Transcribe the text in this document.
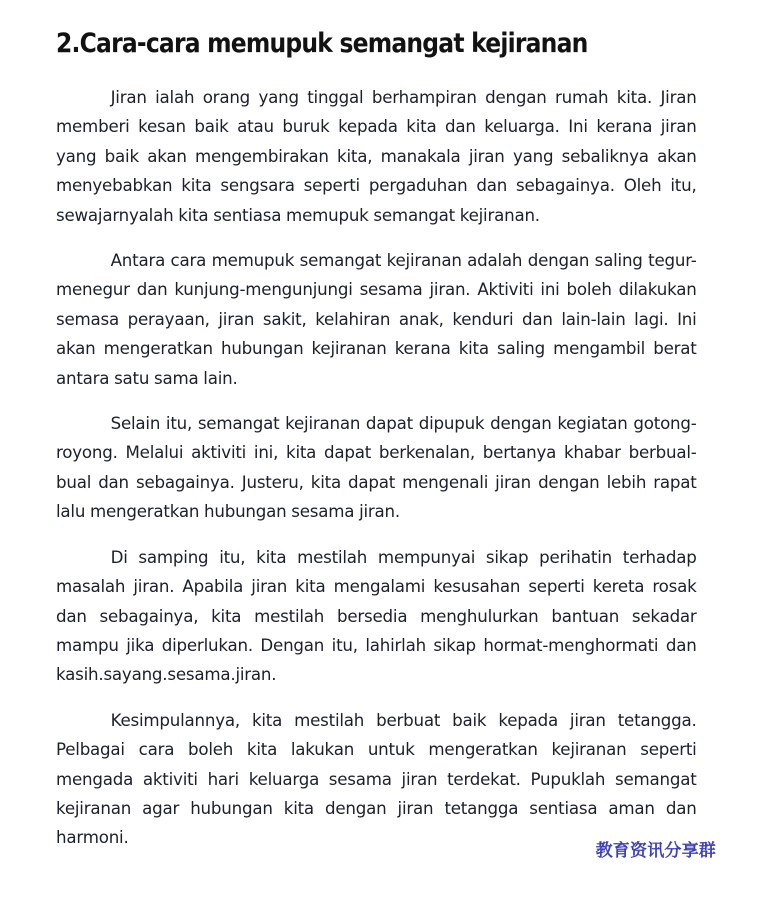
2.Cara-cara memupuk semangat kejiranan

Jiran ialah orang yang tinggal berhampiran dengan rumah kita. Jiran memberi kesan baik atau buruk kepada kita dan keluarga. Ini kerana jiran yang baik akan mengembirakan kita, manakala jiran yang sebaliknya akan menyebabkan kita sengsara seperti pergaduhan dan sebagainya. Oleh itu, sewajarnyalah kita sentiasa memupuk semangat kejiranan.

Antara cara memupuk semangat kejiranan adalah dengan saling tegur-menegur dan kunjung-mengunjungi sesama jiran. Aktiviti ini boleh dilakukan semasa perayaan, jiran sakit, kelahiran anak, kenduri dan lain-lain lagi. Ini akan mengeratkan hubungan kejiranan kerana kita saling mengambil berat antara satu sama lain.

Selain itu, semangat kejiranan dapat dipupuk dengan kegiatan gotong-royong. Melalui aktiviti ini, kita dapat berkenalan, bertanya khabar berbual-bual dan sebagainya. Justeru, kita dapat mengenali jiran dengan lebih rapat lalu mengeratkan hubungan sesama jiran.

Di samping itu, kita mestilah mempunyai sikap perihatin terhadap masalah jiran. Apabila jiran kita mengalami kesusahan seperti kereta rosak dan sebagainya, kita mestilah bersedia menghulurkan bantuan sekadar mampu jika diperlukan. Dengan itu, lahirlah sikap hormat-menghormati dan kasih.sayang.sesama.jiran.

Kesimpulannya, kita mestilah berbuat baik kepada jiran tetangga. Pelbagai cara boleh kita lakukan untuk mengeratkan kejiranan seperti mengada aktiviti hari keluarga sesama jiran terdekat. Pupuklah semangat kejiranan agar hubungan kita dengan jiran tetangga sentiasa aman dan harmoni.

教育资讯分享群
